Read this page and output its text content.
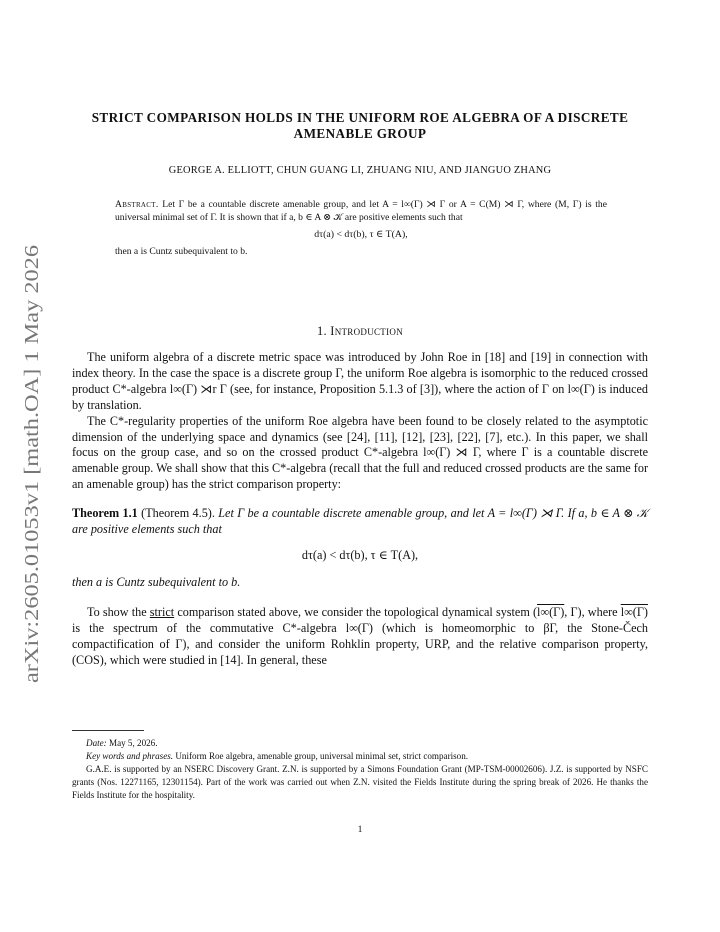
arXiv:2605.01053v1 [math.OA] 1 May 2026
STRICT COMPARISON HOLDS IN THE UNIFORM ROE ALGEBRA OF A DISCRETE AMENABLE GROUP
GEORGE A. ELLIOTT, CHUN GUANG LI, ZHUANG NIU, AND JIANGUO ZHANG
Abstract. Let Γ be a countable discrete amenable group, and let A = l∞(Γ) ⋊ Γ or A = C(M) ⋊ Γ, where (M, Γ) is the universal minimal set of Γ. It is shown that if a, b ∈ A ⊗ 𝒦 are positive elements such that
dτ(a) < dτ(b), τ ∈ T(A),
then a is Cuntz subequivalent to b.
1. Introduction

The uniform algebra of a discrete metric space was introduced by John Roe in [18] and [19] in connection with index theory. In the case the space is a discrete group Γ, the uniform Roe algebra is isomorphic to the reduced crossed product C*-algebra l∞(Γ) ⋊r Γ (see, for instance, Proposition 5.1.3 of [3]), where the action of Γ on l∞(Γ) is induced by translation.

The C*-regularity properties of the uniform Roe algebra have been found to be closely related to the asymptotic dimension of the underlying space and dynamics (see [24], [11], [12], [23], [22], [7], etc.). In this paper, we shall focus on the group case, and so on the crossed product C*-algebra l∞(Γ) ⋊ Γ, where Γ is a countable discrete amenable group. We shall show that this C*-algebra (recall that the full and reduced crossed products are the same for an amenable group) has the strict comparison property:

Theorem 1.1 (Theorem 4.5). Let Γ be a countable discrete amenable group, and let A = l∞(Γ) ⋊ Γ. If a, b ∈ A ⊗ 𝒦 are positive elements such that

dτ(a) < dτ(b), τ ∈ T(A),

then a is Cuntz subequivalent to b.

To show the strict comparison stated above, we consider the topological dynamical system (l∞(Γ), Γ), where l∞(Γ) is the spectrum of the commutative C*-algebra l∞(Γ) (which is homeomorphic to βΓ, the Stone-Čech compactification of Γ), and consider the uniform Rohklin property, URP, and the relative comparison property, (COS), which were studied in [14]. In general, these

Date: May 5, 2026.

Key words and phrases. Uniform Roe algebra, amenable group, universal minimal set, strict comparison.

G.A.E. is supported by an NSERC Discovery Grant. Z.N. is supported by a Simons Foundation Grant (MP-TSM-00002606). J.Z. is supported by NSFC grants (Nos. 12271165, 12301154). Part of the work was carried out when Z.N. visited the Fields Institute during the spring break of 2026. He thanks the Fields Institute for the hospitality.

1
